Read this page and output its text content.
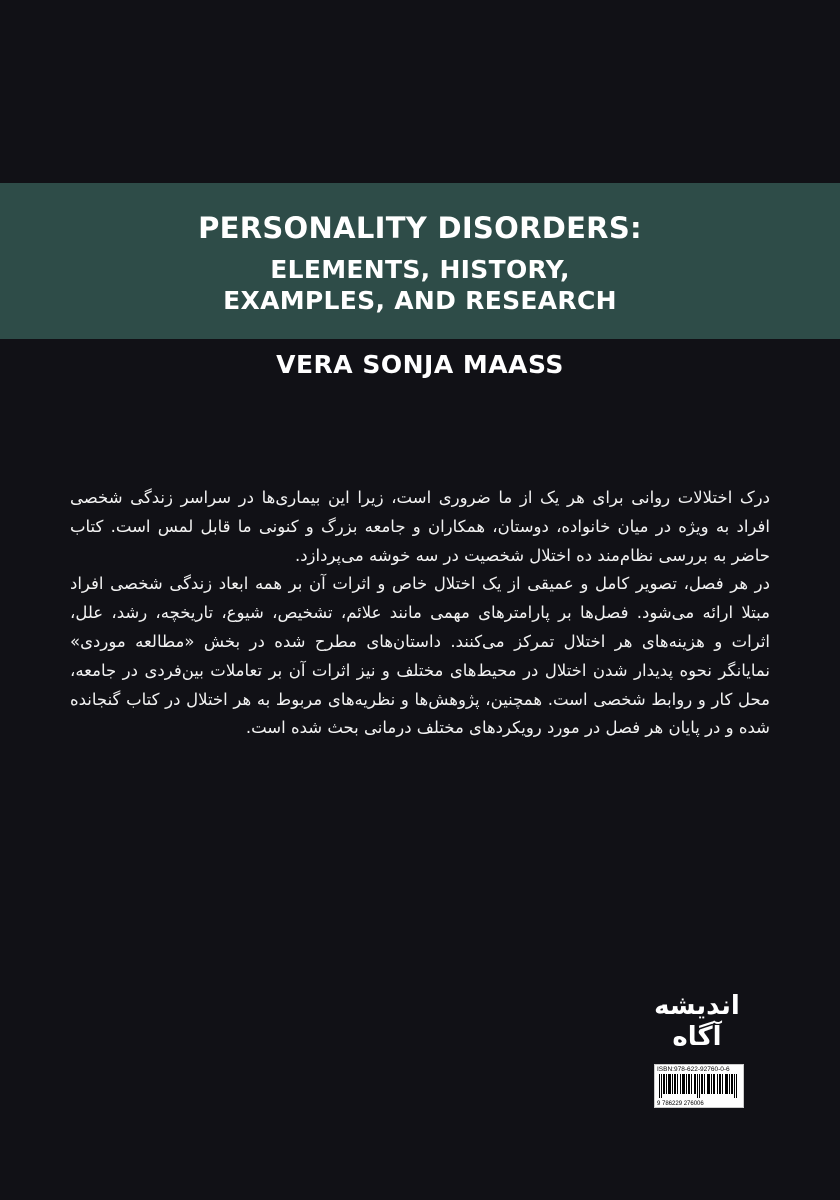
PERSONALITY DISORDERS:
ELEMENTS, HISTORY,
EXAMPLES, AND RESEARCH
VERA SONJA MAASS

درک اختلالات روانی برای هر یک از ما ضروری است، زیرا این بیماری‌ها در سراسر زندگی شخصی افراد به ویژه در میان خانواده، دوستان، همکاران و جامعه بزرگ و کنونی ما قابل لمس است. کتاب حاضر به بررسی نظام‌مند ده اختلال شخصیت در سه خوشه می‌پردازد.

در هر فصل، تصویر کامل و عمیقی از یک اختلال خاص و اثرات آن بر همه ابعاد زندگی شخصی افراد مبتلا ارائه می‌شود. فصل‌ها بر پارامترهای مهمی مانند علائم، تشخیص، شیوع، تاریخچه، رشد، علل، اثرات و هزینه‌های هر اختلال تمرکز می‌کنند. داستان‌های مطرح شده در بخش «مطالعه موردی» نمایانگر نحوه پدیدار شدن اختلال در محیط‌های مختلف و نیز اثرات آن بر تعاملات بین‌فردی در جامعه، محل کار و روابط شخصی است. همچنین، پژوهش‌ها و نظریه‌های مربوط به هر اختلال در کتاب گنجانده شده و در پایان هر فصل در مورد رویکردهای مختلف درمانی بحث شده است.

اندیشه
آگاه
ISBN:978-622-92760-0-6
9 786229 276006
